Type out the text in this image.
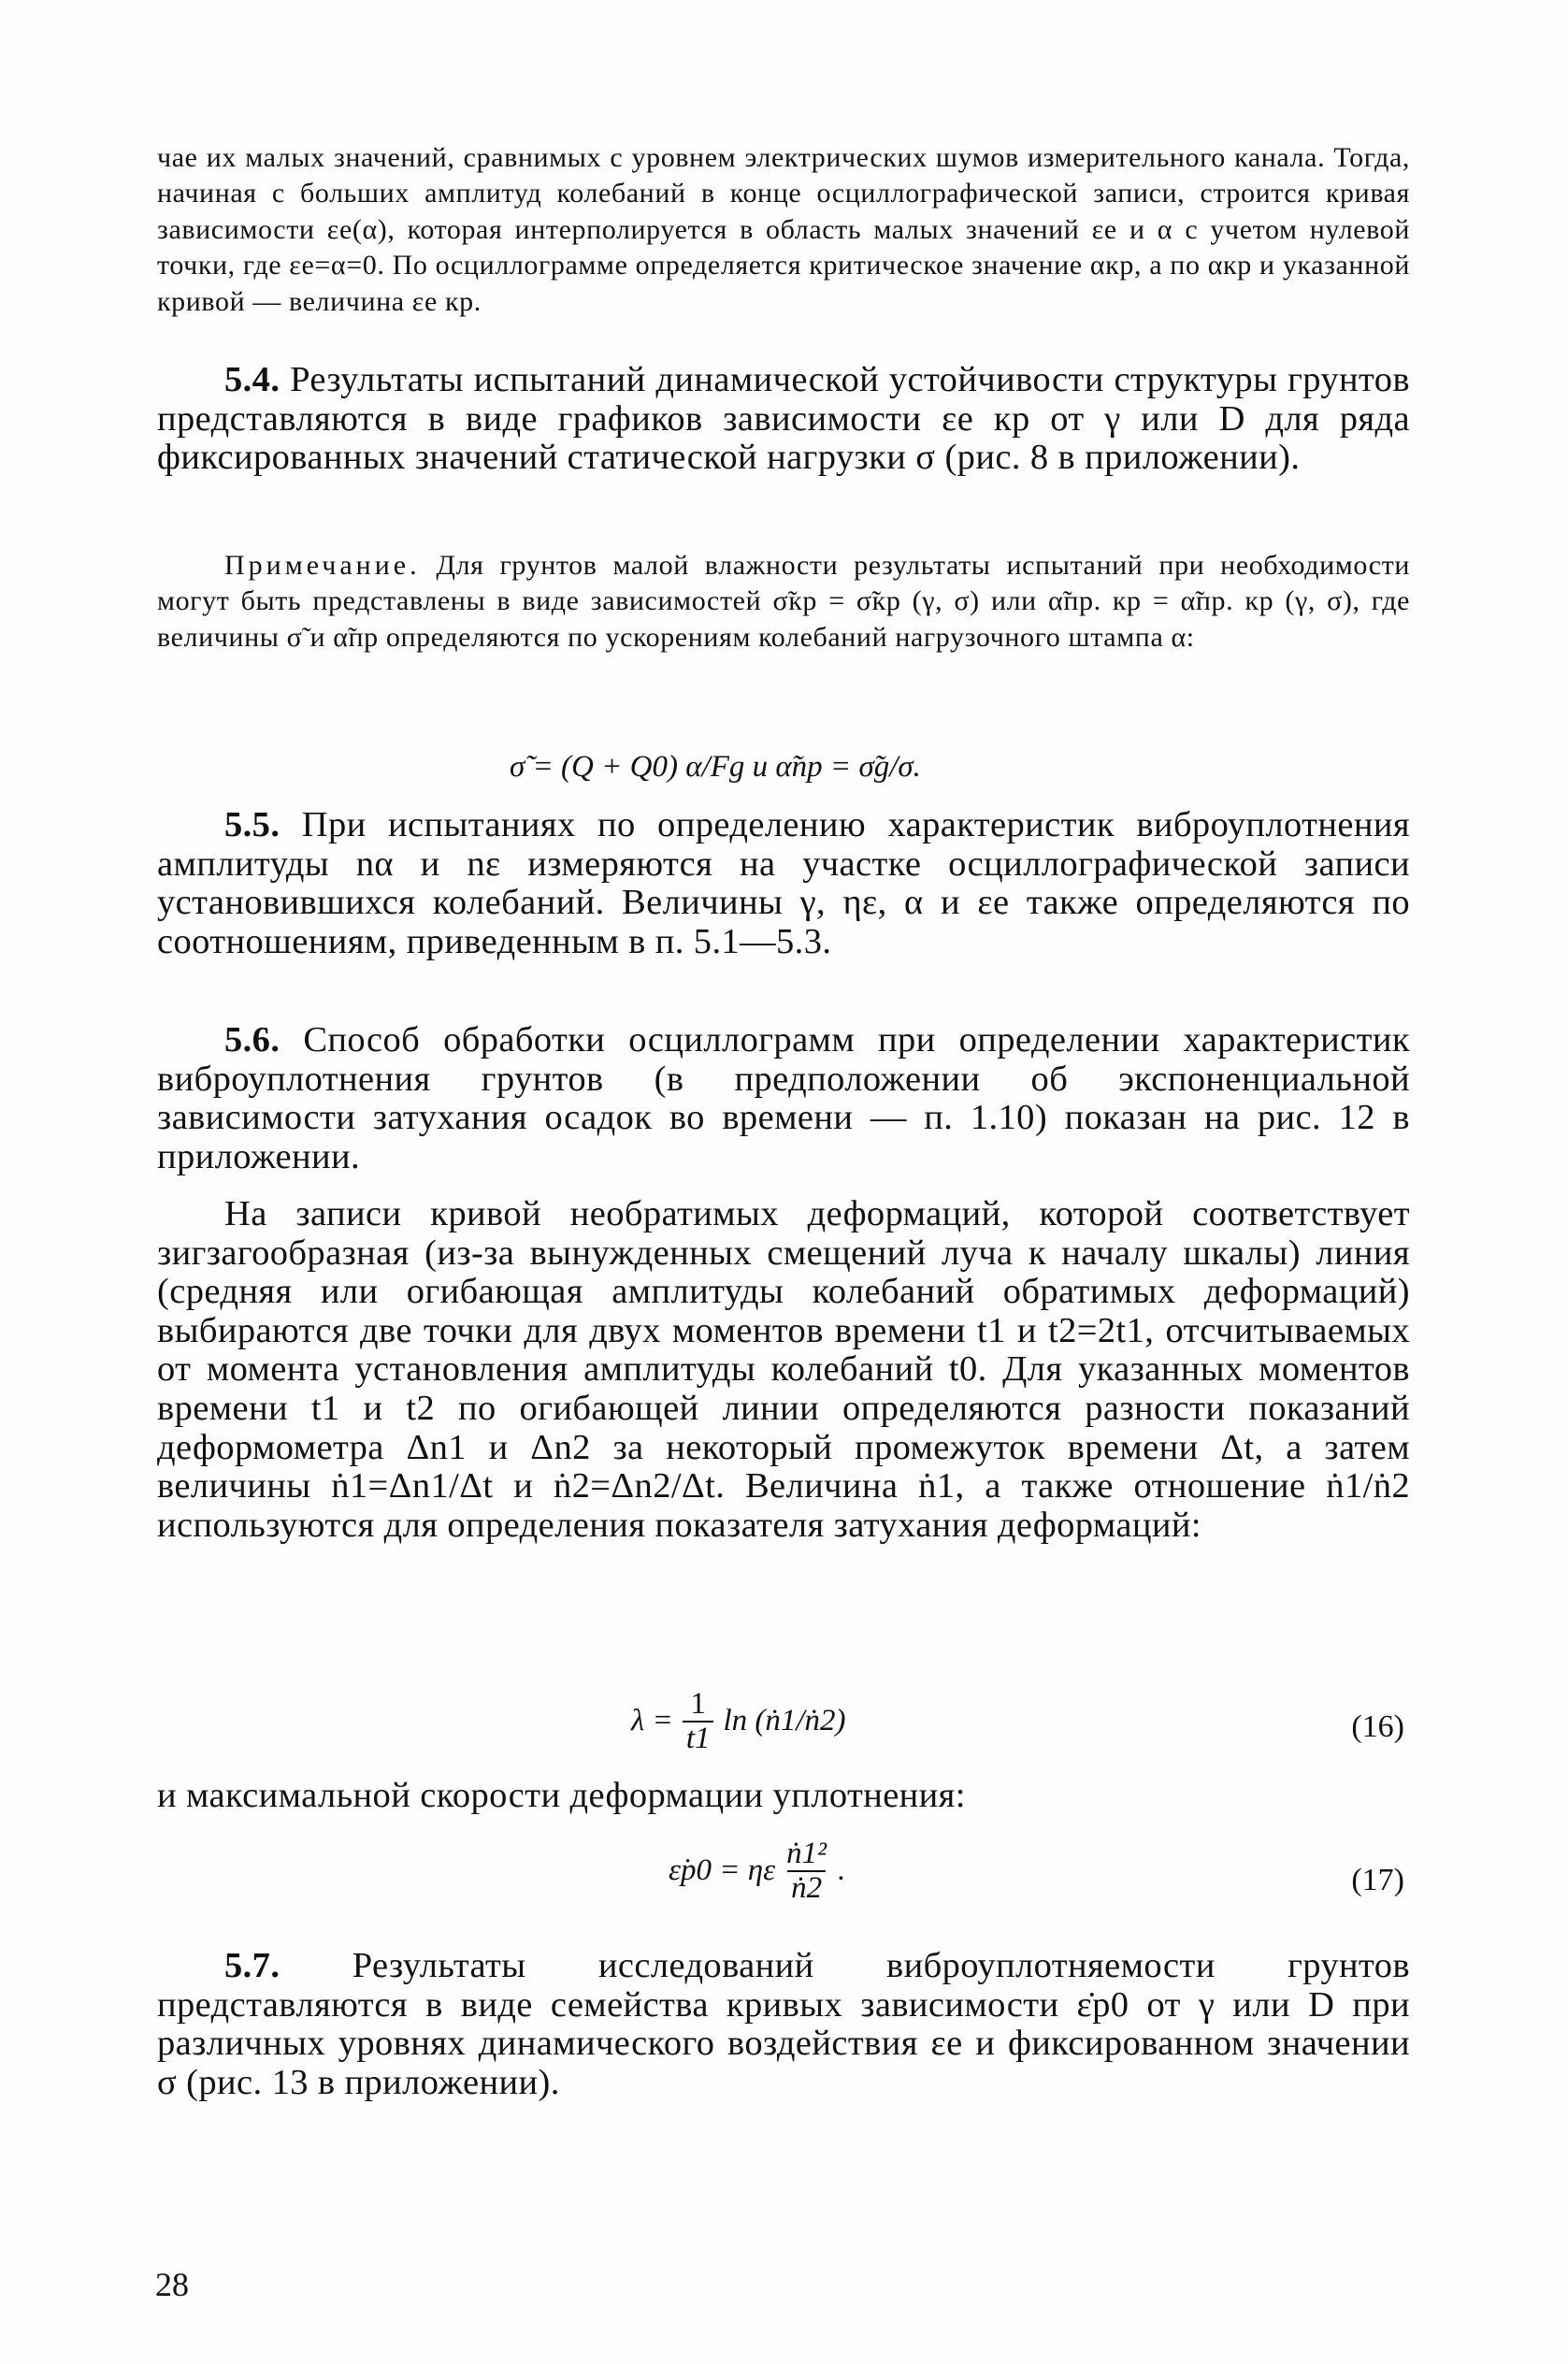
чае их малых значений, сравнимых с уровнем электрических шумов измерительного канала. Тогда, начиная с больших амплитуд колебаний в конце осциллографической записи, строится кривая зависимости εe(α), которая интерполируется в область малых значений εe и α с учетом нулевой точки, где εe=α=0. По осциллограмме определяется критическое значение αкр, а по αкр и указанной кривой — величина εe кр.

5.4. Результаты испытаний динамической устойчивости структуры грунтов представляются в виде графиков зависимости εe кр от γ или D для ряда фиксированных значений статической нагрузки σ (рис. 8 в приложении).

Примечание. Для грунтов малой влажности результаты испытаний при необходимости могут быть представлены в виде зависимостей σ̃кр = σ̃кр (γ, σ) или α̃пр. кр = α̃пр. кр (γ, σ), где величины σ̃ и α̃пр определяются по ускорениям колебаний нагрузочного штампа α:

σ̃ = (Q + Q0) α/Fg и α̃пр = σ̃g/σ.

5.5. При испытаниях по определению характеристик виброуплотнения амплитуды nα и nε измеряются на участке осциллографической записи установившихся колебаний. Величины γ, ηε, α и εe также определяются по соотношениям, приведенным в п. 5.1—5.3.

5.6. Способ обработки осциллограмм при определении характеристик виброуплотнения грунтов (в предположении об экспоненциальной зависимости затухания осадок во времени — п. 1.10) показан на рис. 12 в приложении.

На записи кривой необратимых деформаций, которой соответствует зигзагообразная (из-за вынужденных смещений луча к началу шкалы) линия (средняя или огибающая амплитуды колебаний обратимых деформаций) выбираются две точки для двух моментов времени t1 и t2=2t1, отсчитываемых от момента установления амплитуды колебаний t0. Для указанных моментов времени t1 и t2 по огибающей линии определяются разности показаний деформометра Δn1 и Δn2 за некоторый промежуток времени Δt, а затем величины ṅ1=Δn1/Δt и ṅ2=Δn2/Δt. Величина ṅ1, а также отношение ṅ1/ṅ2 используются для определения показателя затухания деформаций:

$\lambda = \frac{1}{t1}$ ln (ṅ1/ṅ2)	(16)

и максимальной скорости деформации уплотнения:

ε̇p0 = ηε $\frac{\text{ṅ1²}}{\text{ṅ2}}$ .	(17)

5.7. Результаты исследований виброуплотняемости грунтов представляются в виде семейства кривых зависимости ε̇p0 от γ или D при различных уровнях динамического воздействия εe и фиксированном значении σ (рис. 13 в приложении).

28
